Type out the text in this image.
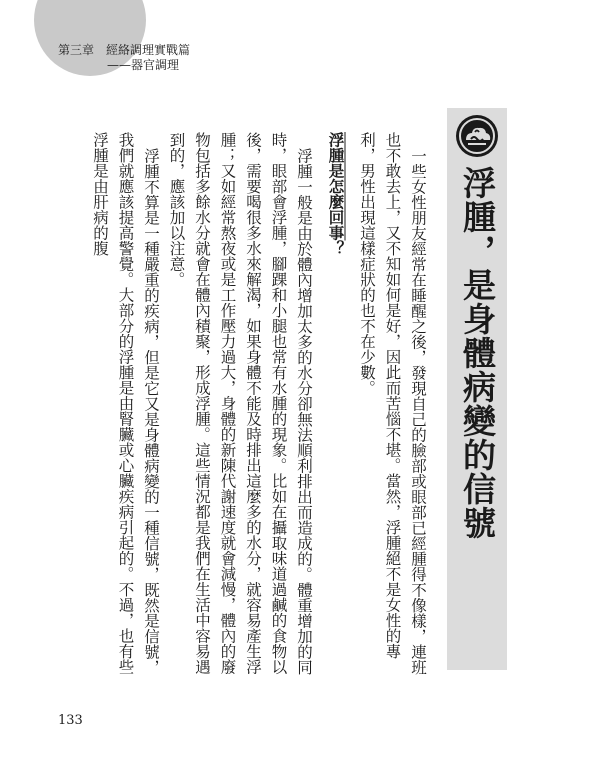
第三章　經絡調理實戰篇

——器官調理

浮腫，是身體病變的信號

一些女性朋友經常在睡醒之後，發現自己的臉部或眼部已經腫得不像樣，連班也不敢去上，又不知如何是好，因此而苦惱不堪。當然，浮腫絕不是女性的專利，男性出現這樣症狀的也不在少數。

浮腫是怎麼回事？

浮腫一般是由於體內增加太多的水分卻無法順利排出而造成的。體重增加的同時，眼部會浮腫，腳踝和小腿也常有水腫的現象。比如在攝取味道過鹹的食物以後，需要喝很多水來解渴，如果身體不能及時排出這麼多的水分，就容易產生浮腫；又如經常熬夜或是工作壓力過大，身體的新陳代謝速度就會減慢，體內的廢物包括多餘水分就會在體內積聚，形成浮腫。這些情況都是我們在生活中容易遇到的，應該加以注意。

浮腫不算是一種嚴重的疾病，但是它又是身體病變的一種信號，既然是信號，我們就應該提高警覺。大部分的浮腫是由腎臟或心臟疾病引起的。不過，也有些浮腫是由肝病的腹

133
